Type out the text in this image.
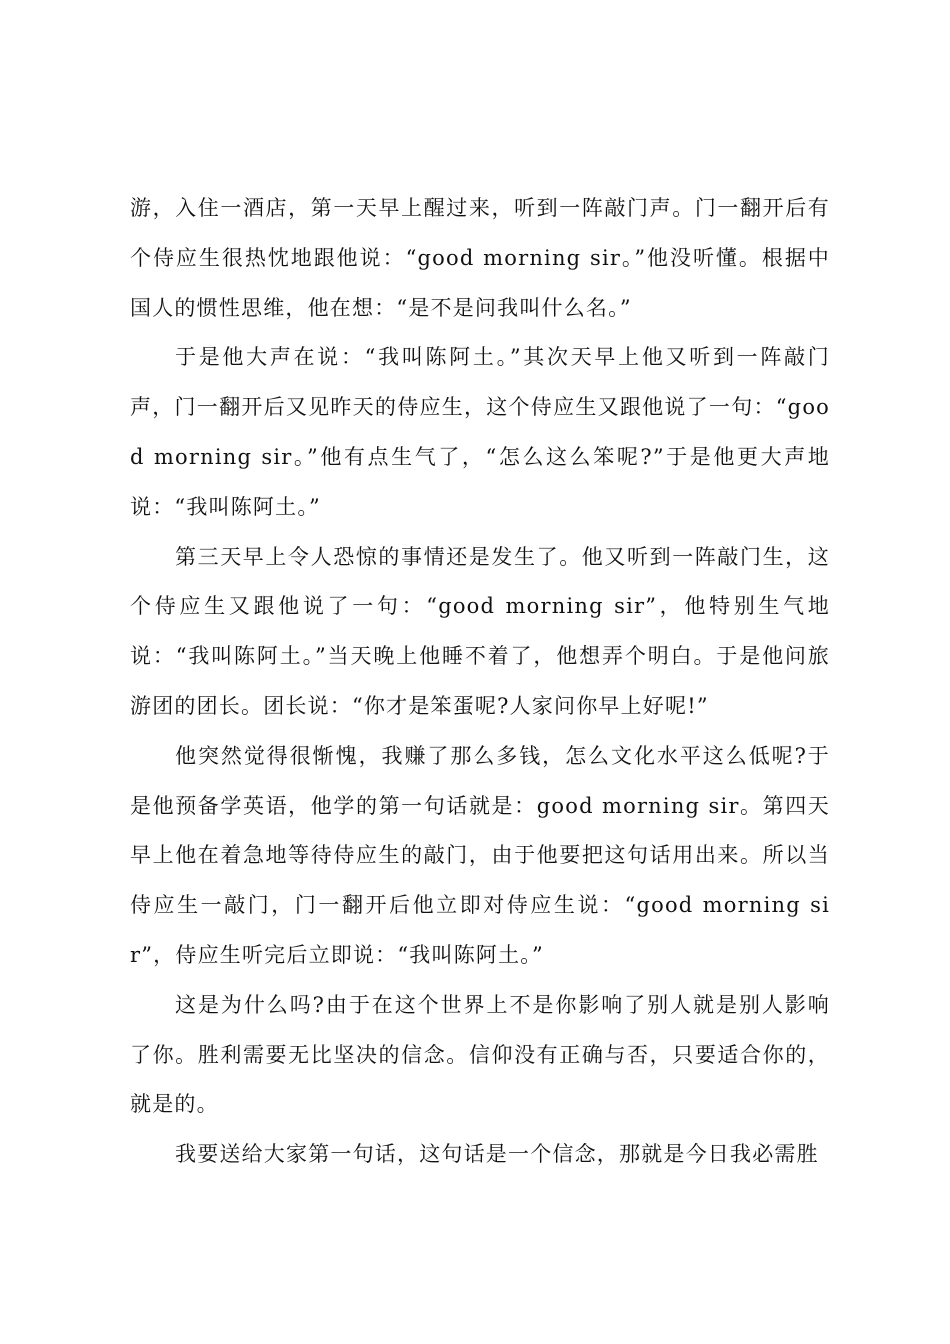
游，入住一酒店，第一天早上醒过来，听到一阵敲门声。门一翻开后有个侍应生很热忱地跟他说：“good morning sir。”他没听懂。根据中国人的惯性思维，他在想：“是不是问我叫什么名。”

于是他大声在说：“我叫陈阿土。”其次天早上他又听到一阵敲门声，门一翻开后又见昨天的侍应生，这个侍应生又跟他说了一句：“good morning sir。”他有点生气了，“怎么这么笨呢?”于是他更大声地说：“我叫陈阿土。”

第三天早上令人恐惊的事情还是发生了。他又听到一阵敲门生，这个侍应生又跟他说了一句：“good morning sir”，他特别生气地说：“我叫陈阿土。”当天晚上他睡不着了，他想弄个明白。于是他问旅游团的团长。团长说：“你才是笨蛋呢?人家问你早上好呢!”

他突然觉得很惭愧，我赚了那么多钱，怎么文化水平这么低呢?于是他预备学英语，他学的第一句话就是：good morning sir。第四天早上他在着急地等待侍应生的敲门，由于他要把这句话用出来。所以当侍应生一敲门，门一翻开后他立即对侍应生说：“good morning sir”，侍应生听完后立即说：“我叫陈阿土。”

这是为什么吗?由于在这个世界上不是你影响了别人就是别人影响了你。胜利需要无比坚决的信念。信仰没有正确与否，只要适合你的，就是的。

我要送给大家第一句话，这句话是一个信念，那就是今日我必需胜
